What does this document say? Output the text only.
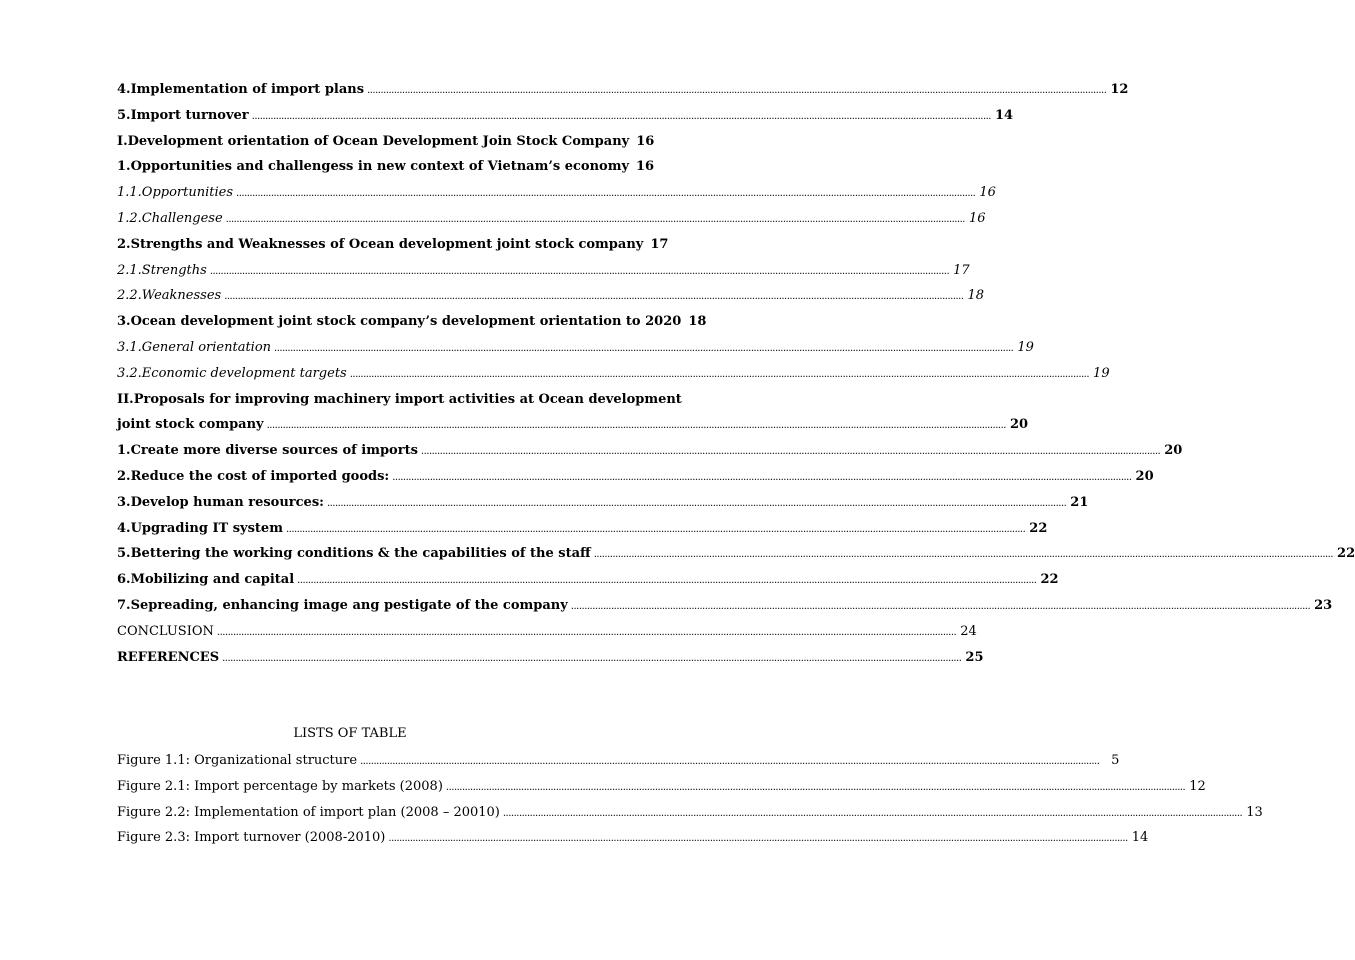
4.Implementation of import plans .....	12
5.Import turnover .....	14
I.Development orientation of Ocean Development Join Stock Company 16
1.Opportunities and challengess in new context of Vietnam’s economy 16
1.1.Opportunities .....	16
1.2.Challengese .....	16
2.Strengths and Weaknesses of Ocean development joint stock company 17
2.1.Strengths .....	17
2.2.Weaknesses .....	18
3.Ocean development joint stock company’s development orientation to 2020 18
3.1.General orientation .....	19
3.2.Economic development targets .....	19
II.Proposals for improving machinery import activities at Ocean development
joint stock company .....	20
1.Create more diverse sources of imports .....	20
2.Reduce the cost of imported goods: .....	20
3.Develop human resources: .....	21
4.Upgrading IT system .....	22
5.Bettering the working conditions & the capabilities of the staff .....	22
6.Mobilizing and capital .....	22
7.Sepreading, enhancing image ang pestigate of the company .....	23
CONCLUSION .....	24
REFERENCES .....	25
LISTS OF TABLE
Figure 1.1: Organizational structure .....	5
Figure 2.1: Import percentage by markets (2008) .....	12
Figure 2.2: Implementation of import plan (2008 – 20010) .....	13
Figure 2.3: Import turnover (2008-2010) .....	14
